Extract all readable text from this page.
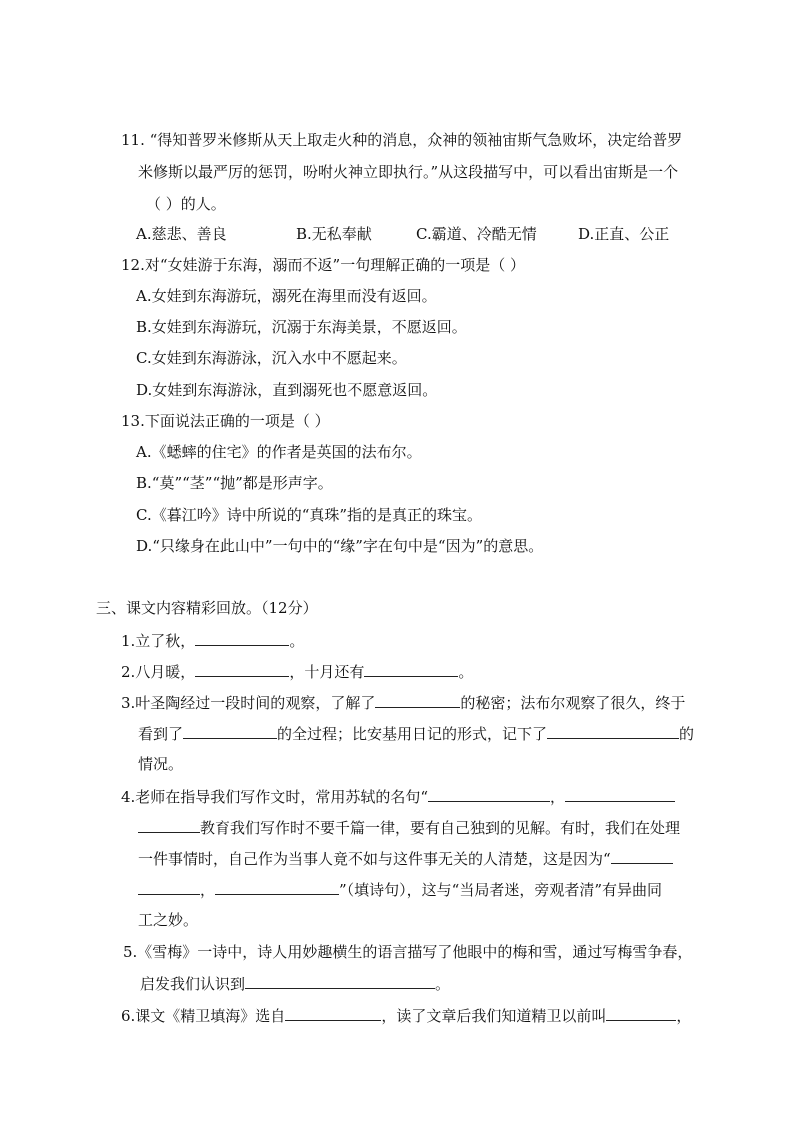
11. “得知普罗米修斯从天上取走火种的消息，众神的领袖宙斯气急败坏，决定给普罗
米修斯以最严厉的惩罚，吩咐火神立即执行。”从这段描写中，可以看出宙斯是一个
（ ）的人。
A.慈悲、善良	B.无私奉献	C.霸道、冷酷无情	D.正直、公正
12.对“女娃游于东海，溺而不返”一句理解正确的一项是（ ）
A.女娃到东海游玩，溺死在海里而没有返回。
B.女娃到东海游玩，沉溺于东海美景，不愿返回。
C.女娃到东海游泳，沉入水中不愿起来。
D.女娃到东海游泳，直到溺死也不愿意返回。
13.下面说法正确的一项是（ ）
A.《蟋蟀的住宅》的作者是英国的法布尔。
B.“莫”“茎”“抛”都是形声字。
C.《暮江吟》诗中所说的“真珠”指的是真正的珠宝。
D.“只缘身在此山中”一句中的“缘”字在句中是“因为”的意思。
三、课文内容精彩回放。（12分）
1.立了秋，	。
2.八月暖，	，十月还有	。
3.叶圣陶经过一段时间的观察，了解了	的秘密；法布尔观察了很久，终于
看到了	的全过程；比安基用日记的形式，记下了	的
情况。
4.老师在指导我们写作文时，常用苏轼的名句“	，
教育我们写作时不要千篇一律，要有自己独到的见解。有时，我们在处理
一件事情时，自己作为当事人竟不如与这件事无关的人清楚，这是因为“
，	”（填诗句），这与“当局者迷，旁观者清”有异曲同
工之妙。
5.《雪梅》一诗中，诗人用妙趣横生的语言描写了他眼中的梅和雪，通过写梅雪争春，
启发我们认识到	。
6.课文《精卫填海》选自	，读了文章后我们知道精卫以前叫	，
